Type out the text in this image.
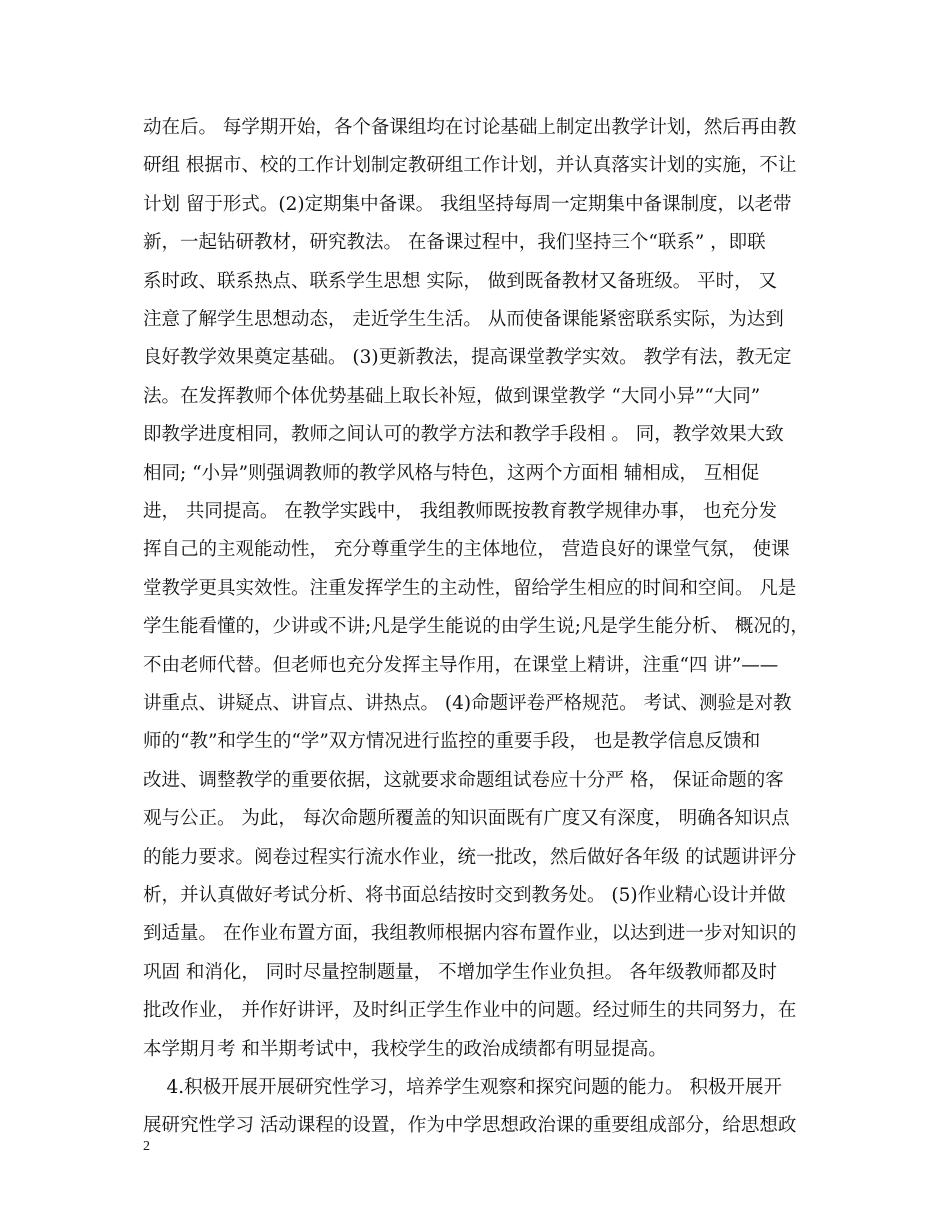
动在后。 每学期开始，各个备课组均在讨论基础上制定出教学计划，然后再由教
研组 根据市、校的工作计划制定教研组工作计划，并认真落实计划的实施，不让
计划 留于形式。(2)定期集中备课。 我组坚持每周一定期集中备课制度，以老带
新，一起钻研教材，研究教法。 在备课过程中，我们坚持三个“联系” ，即联
系时政、联系热点、联系学生思想 实际， 做到既备教材又备班级。 平时， 又
注意了解学生思想动态， 走近学生生活。 从而使备课能紧密联系实际，为达到
良好教学效果奠定基础。 (3)更新教法，提高课堂教学实效。 教学有法，教无定
法。在发挥教师个体优势基础上取长补短，做到课堂教学 “大同小异”“大同”
即教学进度相同，教师之间认可的教学方法和教学手段相 。 同，教学效果大致
相同; “小异”则强调教师的教学风格与特色，这两个方面相 辅相成， 互相促
进， 共同提高。 在教学实践中， 我组教师既按教育教学规律办事， 也充分发
挥自己的主观能动性， 充分尊重学生的主体地位， 营造良好的课堂气氛， 使课
堂教学更具实效性。注重发挥学生的主动性，留给学生相应的时间和空间。 凡是
学生能看懂的，少讲或不讲;凡是学生能说的由学生说;凡是学生能分析、 概况的，
不由老师代替。但老师也充分发挥主导作用，在课堂上精讲，注重“四 讲”——
讲重点、讲疑点、讲盲点、讲热点。 (4)命题评卷严格规范。 考试、测验是对教
师的“教”和学生的“学”双方情况进行监控的重要手段， 也是教学信息反馈和
改进、调整教学的重要依据，这就要求命题组试卷应十分严 格， 保证命题的客
观与公正。 为此， 每次命题所覆盖的知识面既有广度又有深度， 明确各知识点
的能力要求。阅卷过程实行流水作业，统一批改，然后做好各年级 的试题讲评分
析，并认真做好考试分析、将书面总结按时交到教务处。 (5)作业精心设计并做
到适量。 在作业布置方面，我组教师根据内容布置作业，以达到进一步对知识的
巩固 和消化， 同时尽量控制题量， 不增加学生作业负担。 各年级教师都及时
批改作业， 并作好讲评，及时纠正学生作业中的问题。经过师生的共同努力，在
本学期月考 和半期考试中，我校学生的政治成绩都有明显提高。
4.积极开展开展研究性学习，培养学生观察和探究问题的能力。 积极开展开
展研究性学习 活动课程的设置，作为中学思想政治课的重要组成部分，给思想政
2
